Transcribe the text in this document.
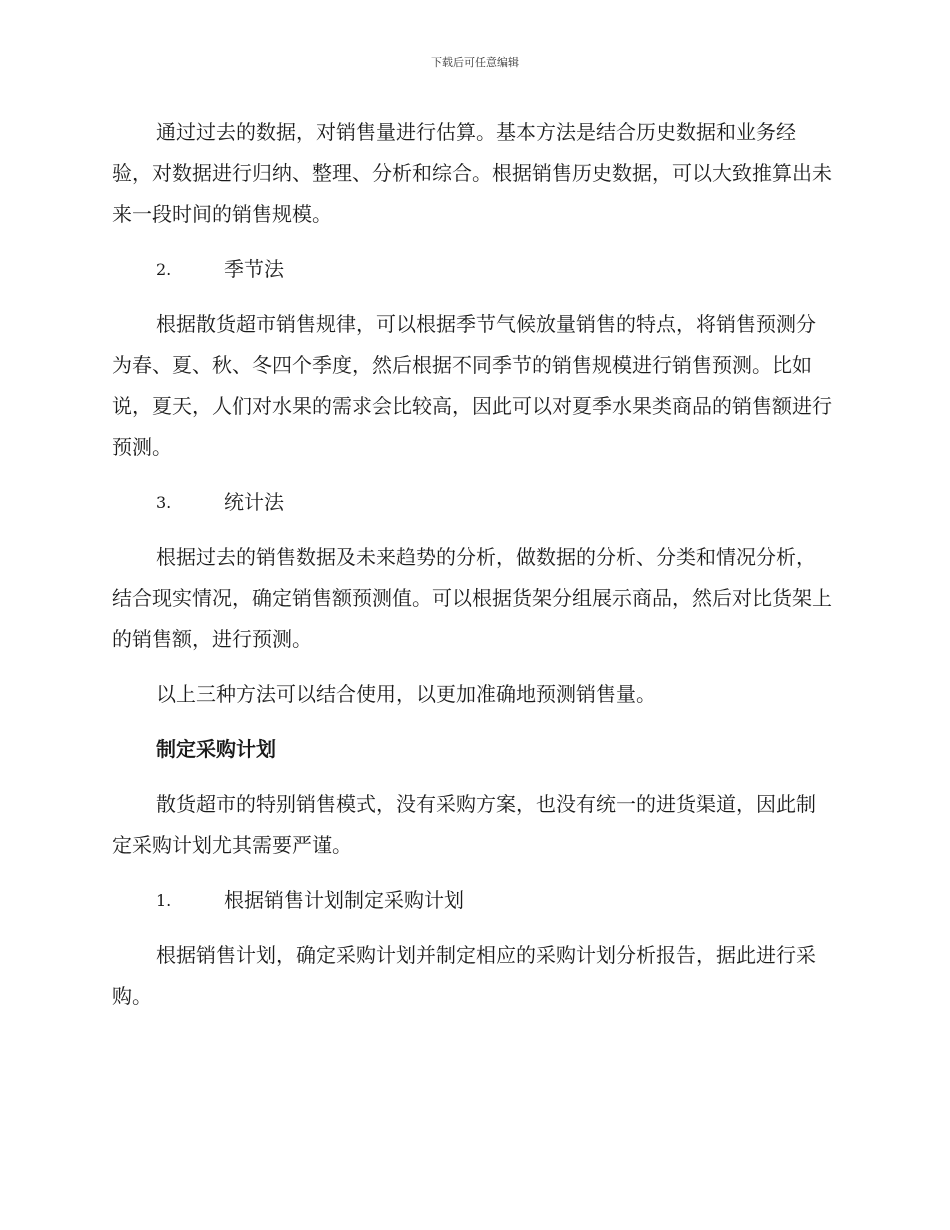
下载后可任意编辑

通过过去的数据，对销售量进行估算。基本方法是结合历史数据和业务经验，对数据进行归纳、整理、分析和综合。根据销售历史数据，可以大致推算出未来一段时间的销售规模。

2.	季节法

根据散货超市销售规律，可以根据季节气候放量销售的特点，将销售预测分为春、夏、秋、冬四个季度，然后根据不同季节的销售规模进行销售预测。比如说，夏天，人们对水果的需求会比较高，因此可以对夏季水果类商品的销售额进行预测。

3.	统计法

根据过去的销售数据及未来趋势的分析，做数据的分析、分类和情况分析，结合现实情况，确定销售额预测值。可以根据货架分组展示商品，然后对比货架上的销售额，进行预测。

以上三种方法可以结合使用，以更加准确地预测销售量。

制定采购计划

散货超市的特别销售模式，没有采购方案，也没有统一的进货渠道，因此制定采购计划尤其需要严谨。

1.	根据销售计划制定采购计划

根据销售计划，确定采购计划并制定相应的采购计划分析报告，据此进行采购。
